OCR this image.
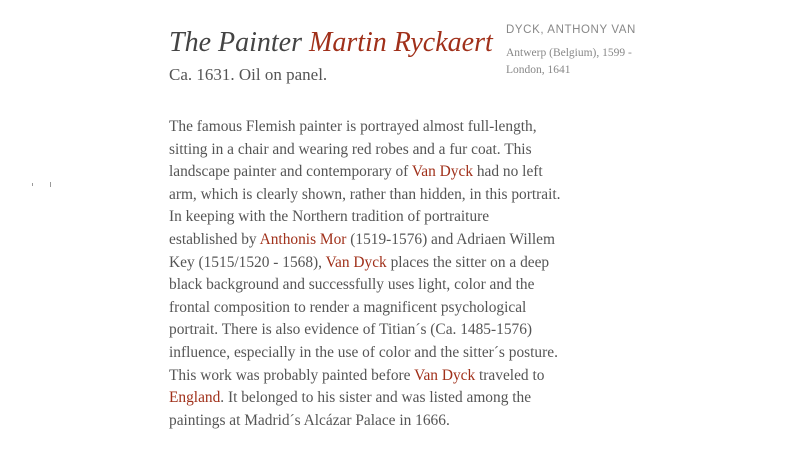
The Painter Martin Ryckaert

Ca. 1631. Oil on panel.

DYCK, ANTHONY VAN
Antwerp (Belgium), 1599 - London, 1641

The famous Flemish painter is portrayed almost full-length, sitting in a chair and wearing red robes and a fur coat. This landscape painter and contemporary of Van Dyck had no left arm, which is clearly shown, rather than hidden, in this portrait. In keeping with the Northern tradition of portraiture established by Anthonis Mor (1519-1576) and Adriaen Willem Key (1515/1520 - 1568), Van Dyck places the sitter on a deep black background and successfully uses light, color and the frontal composition to render a magnificent psychological portrait. There is also evidence of Titian´s (Ca. 1485-1576) influence, especially in the use of color and the sitter´s posture. This work was probably painted before Van Dyck traveled to England. It belonged to his sister and was listed among the paintings at Madrid´s Alcázar Palace in 1666.
